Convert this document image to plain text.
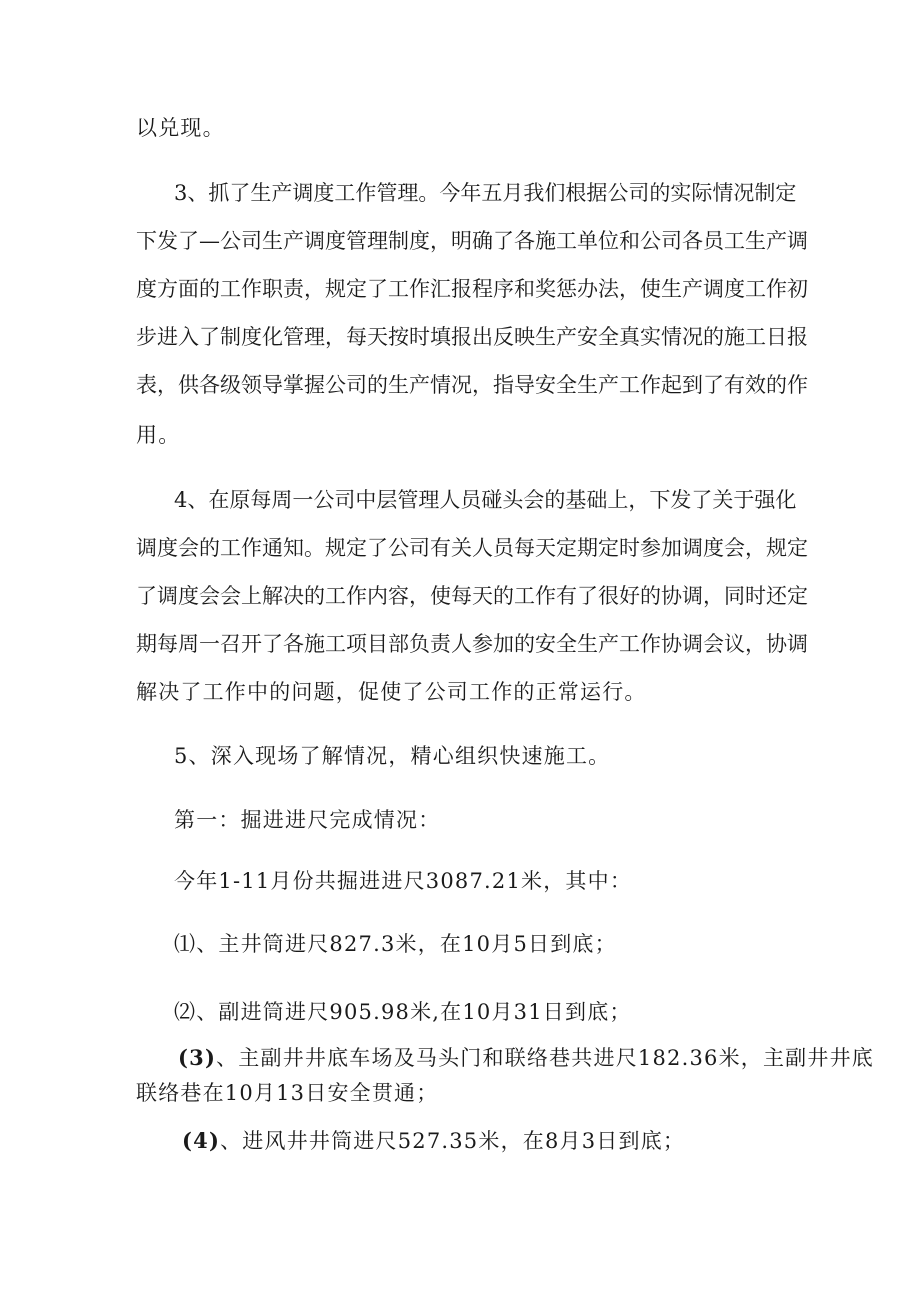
以兑现。
3、抓了生产调度工作管理。今年五月我们根据公司的实际情况制定
下发了—公司生产调度管理制度，明确了各施工单位和公司各员工生产调
度方面的工作职责，规定了工作汇报程序和奖惩办法，使生产调度工作初
步进入了制度化管理，每天按时填报出反映生产安全真实情况的施工日报
表，供各级领导掌握公司的生产情况，指导安全生产工作起到了有效的作
用。
4、在原每周一公司中层管理人员碰头会的基础上，下发了关于强化
调度会的工作通知。规定了公司有关人员每天定期定时参加调度会，规定
了调度会会上解决的工作内容，使每天的工作有了很好的协调，同时还定
期每周一召开了各施工项目部负责人参加的安全生产工作协调会议，协调
解决了工作中的问题，促使了公司工作的正常运行。
5、深入现场了解情况，精心组织快速施工。
第一：掘进进尺完成情况：
今年1-11月份共掘进进尺3087.21米，其中：
⑴、主井筒进尺827.3米，在10月5日到底；
⑵、副进筒进尺905.98米,在10月31日到底；
(3)、主副井井底车场及马头门和联络巷共进尺182.36米，主副井井底
联络巷在10月13日安全贯通；
(4)、进风井井筒进尺527.35米，在8月3日到底；
